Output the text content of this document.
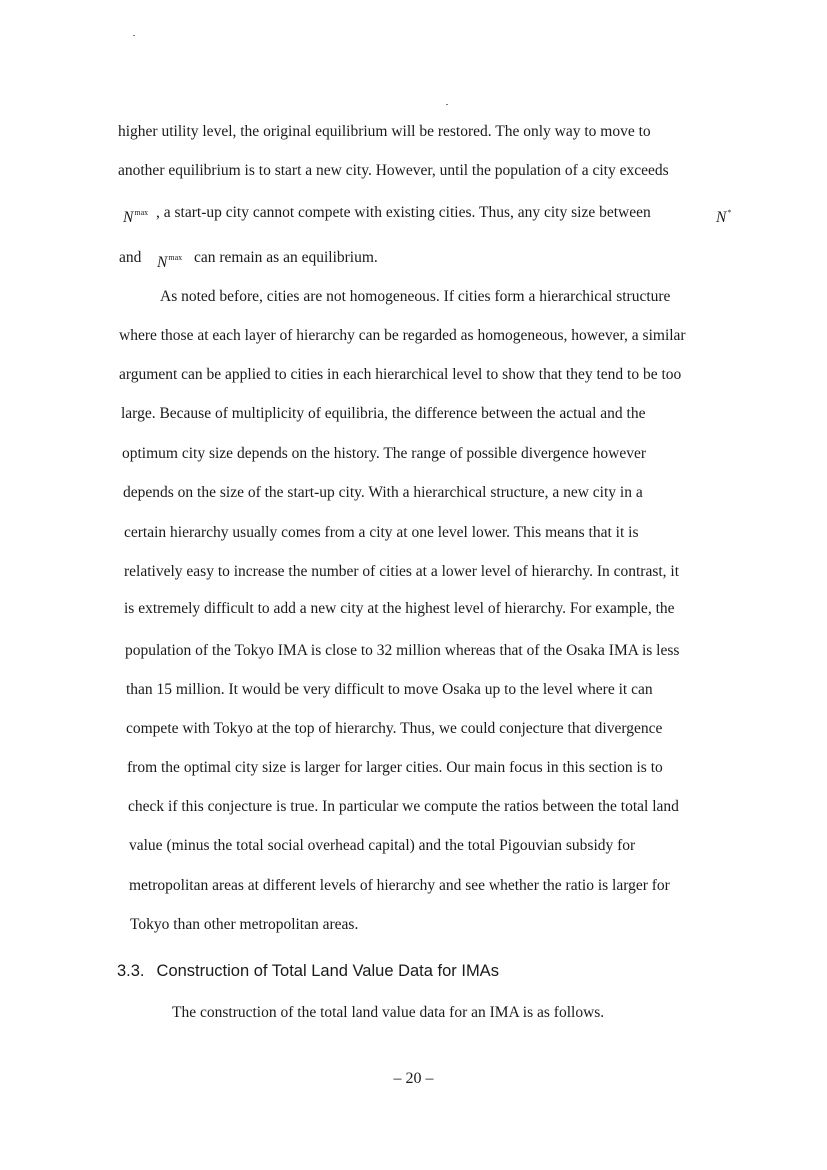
higher utility level, the original equilibrium will be restored. The only way to move to
another equilibrium is to start a new city. However, until the population of a city exceeds
$N^{max}$ , a start-up city cannot compete with existing cities. Thus, any city size between	N*
and $N^{max}$ can remain as an equilibrium.
As noted before, cities are not homogeneous. If cities form a hierarchical structure
where those at each layer of hierarchy can be regarded as homogeneous, however, a similar
argument can be applied to cities in each hierarchical level to show that they tend to be too
large. Because of multiplicity of equilibria, the difference between the actual and the
optimum city size depends on the history. The range of possible divergence however
depends on the size of the start-up city. With a hierarchical structure, a new city in a
certain hierarchy usually comes from a city at one level lower. This means that it is
relatively easy to increase the number of cities at a lower level of hierarchy. In contrast, it
is extremely difficult to add a new city at the highest level of hierarchy. For example, the
population of the Tokyo IMA is close to 32 million whereas that of the Osaka IMA is less
than 15 million. It would be very difficult to move Osaka up to the level where it can
compete with Tokyo at the top of hierarchy. Thus, we could conjecture that divergence
from the optimal city size is larger for larger cities. Our main focus in this section is to
check if this conjecture is true. In particular we compute the ratios between the total land
value (minus the total social overhead capital) and the total Pigouvian subsidy for
metropolitan areas at different levels of hierarchy and see whether the ratio is larger for
Tokyo than other metropolitan areas.
3.3. Construction of Total Land Value Data for IMAs
The construction of the total land value data for an IMA is as follows.
– 20 –
